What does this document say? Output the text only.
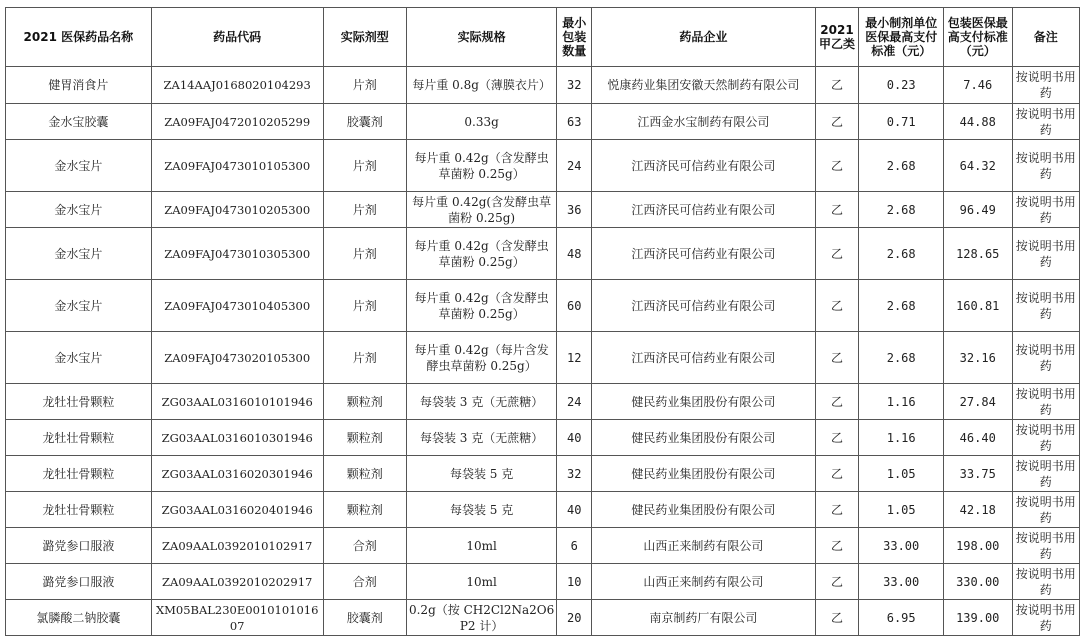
2021 医保药品名称	药品代码	实际剂型	实际规格	最小包装数量	药品企业	2021甲乙类	最小制剂单位医保最高支付标准（元）	包装医保最高支付标准（元）	备注
健胃消食片	ZA14AAJ0168020104293	片剂	每片重 0.8g（薄膜衣片）	32	悦康药业集团安徽天然制药有限公司	乙	0.23	7.46	按说明书用药
金水宝胶囊	ZA09FAJ0472010205299	胶囊剂	0.33g	63	江西金水宝制药有限公司	乙	0.71	44.88	按说明书用药
金水宝片	ZA09FAJ0473010105300	片剂	每片重 0.42g（含发酵虫草菌粉 0.25g）	24	江西济民可信药业有限公司	乙	2.68	64.32	按说明书用药
金水宝片	ZA09FAJ0473010205300	片剂	每片重 0.42g(含发酵虫草菌粉 0.25g)	36	江西济民可信药业有限公司	乙	2.68	96.49	按说明书用药
金水宝片	ZA09FAJ0473010305300	片剂	每片重 0.42g（含发酵虫草菌粉 0.25g）	48	江西济民可信药业有限公司	乙	2.68	128.65	按说明书用药
金水宝片	ZA09FAJ0473010405300	片剂	每片重 0.42g（含发酵虫草菌粉 0.25g）	60	江西济民可信药业有限公司	乙	2.68	160.81	按说明书用药
金水宝片	ZA09FAJ0473020105300	片剂	每片重 0.42g（每片含发酵虫草菌粉 0.25g）	12	江西济民可信药业有限公司	乙	2.68	32.16	按说明书用药
龙牡壮骨颗粒	ZG03AAL0316010101946	颗粒剂	每袋装 3 克（无蔗糖）	24	健民药业集团股份有限公司	乙	1.16	27.84	按说明书用药
龙牡壮骨颗粒	ZG03AAL0316010301946	颗粒剂	每袋装 3 克（无蔗糖）	40	健民药业集团股份有限公司	乙	1.16	46.40	按说明书用药
龙牡壮骨颗粒	ZG03AAL0316020301946	颗粒剂	每袋装 5 克	32	健民药业集团股份有限公司	乙	1.05	33.75	按说明书用药
龙牡壮骨颗粒	ZG03AAL0316020401946	颗粒剂	每袋装 5 克	40	健民药业集团股份有限公司	乙	1.05	42.18	按说明书用药
潞党参口服液	ZA09AAL0392010102917	合剂	10ml	6	山西正来制药有限公司	乙	33.00	198.00	按说明书用药
潞党参口服液	ZA09AAL0392010202917	合剂	10ml	10	山西正来制药有限公司	乙	33.00	330.00	按说明书用药
氯膦酸二钠胶囊	XM05BAL230E001010101607	胶囊剂	0.2g（按 CH2Cl2Na2O6P2 计）	20	南京制药厂有限公司	乙	6.95	139.00	按说明书用药
